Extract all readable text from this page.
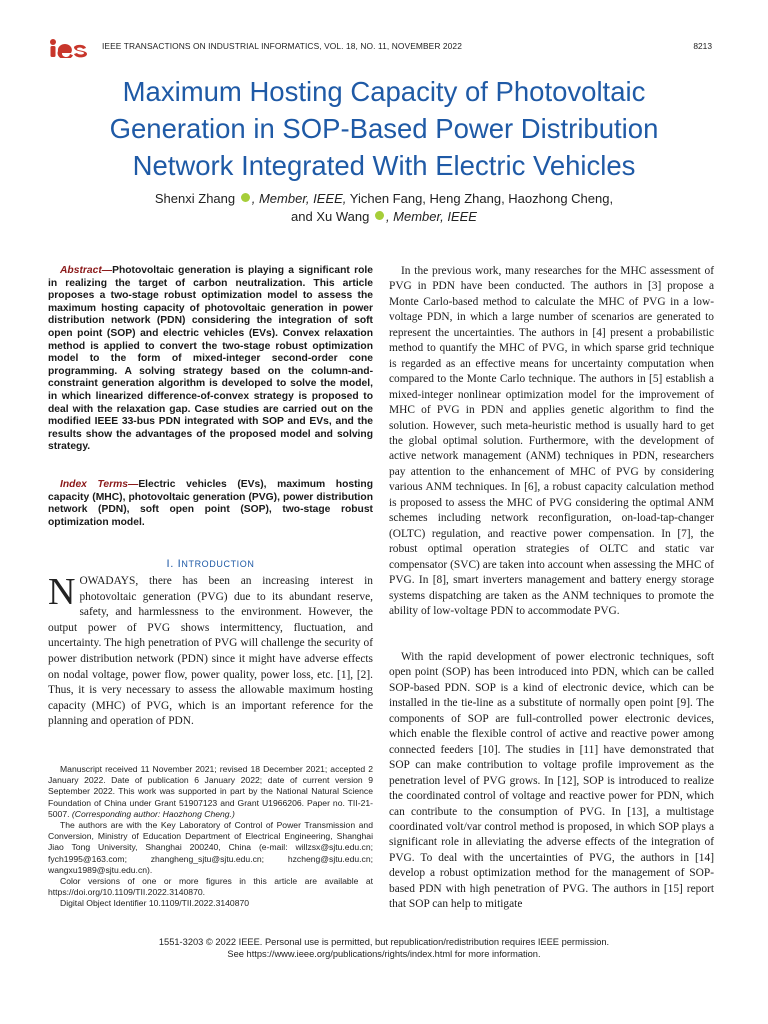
IEEE TRANSACTIONS ON INDUSTRIAL INFORMATICS, VOL. 18, NO. 11, NOVEMBER 2022	8213
Maximum Hosting Capacity of Photovoltaic
Generation in SOP-Based Power Distribution
Network Integrated With Electric Vehicles
Shenxi Zhang , Member, IEEE, Yichen Fang, Heng Zhang, Haozhong Cheng,
and Xu Wang , Member, IEEE
Abstract—Photovoltaic generation is playing a significant role in realizing the target of carbon neutralization. This article proposes a two-stage robust optimization model to assess the maximum hosting capacity of photovoltaic generation in power distribution network (PDN) considering the integration of soft open point (SOP) and electric vehicles (EVs). Convex relaxation method is applied to convert the two-stage robust optimization model to the form of mixed-integer second-order cone programming. A solving strategy based on the column-and-constraint generation algorithm is developed to solve the model, in which linearized difference-of-convex strategy is proposed to deal with the relaxation gap. Case studies are carried out on the modified IEEE 33-bus PDN integrated with SOP and EVs, and the results show the advantages of the proposed model and solving strategy.
Index Terms—Electric vehicles (EVs), maximum hosting capacity (MHC), photovoltaic generation (PVG), power distribution network (PDN), soft open point (SOP), two-stage robust optimization model.
I. INTRODUCTION
NOWADAYS, there has been an increasing interest in photovoltaic generation (PVG) due to its abundant reserve, safety, and harmlessness to the environment. However, the output power of PVG shows intermittency, fluctuation, and uncertainty. The high penetration of PVG will challenge the security of power distribution network (PDN) since it might have adverse effects on nodal voltage, power flow, power quality, power loss, etc. [1], [2]. Thus, it is very necessary to assess the allowable maximum hosting capacity (MHC) of PVG, which is an important reference for the planning and operation of PDN.

Manuscript received 11 November 2021; revised 18 December 2021; accepted 2 January 2022. Date of publication 6 January 2022; date of current version 9 September 2022. This work was supported in part by the National Natural Science Foundation of China under Grant 51907123 and Grant U1966206. Paper no. TII-21-5007. (Corresponding author: Haozhong Cheng.)

The authors are with the Key Laboratory of Control of Power Transmission and Conversion, Ministry of Education Department of Electrical Engineering, Shanghai Jiao Tong University, Shanghai 200240, China (e-mail: willzsx@sjtu.edu.cn; fych1995@163.com; zhangheng_sjtu@sjtu.edu.cn; hzcheng@sjtu.edu.cn; wangxu1989@sjtu.edu.cn).

Color versions of one or more figures in this article are available at https://doi.org/10.1109/TII.2022.3140870.

Digital Object Identifier 10.1109/TII.2022.3140870

In the previous work, many researches for the MHC assessment of PVG in PDN have been conducted. The authors in [3] propose a Monte Carlo-based method to calculate the MHC of PVG in a low-voltage PDN, in which a large number of scenarios are generated to represent the uncertainties. The authors in [4] present a probabilistic method to quantify the MHC of PVG, in which sparse grid technique is regarded as an effective means for uncertainty computation when compared to the Monte Carlo technique. The authors in [5] establish a mixed-integer nonlinear optimization model for the improvement of MHC of PVG in PDN and applies genetic algorithm to find the solution. However, such meta-heuristic method is usually hard to get the global optimal solution. Furthermore, with the development of active network management (ANM) techniques in PDN, researchers pay attention to the enhancement of MHC of PVG by considering various ANM techniques. In [6], a robust capacity calculation method is proposed to assess the MHC of PVG considering the optimal ANM schemes including network reconfiguration, on-load-tap-changer (OLTC) regulation, and reactive power compensation. In [7], the robust optimal operation strategies of OLTC and static var compensator (SVC) are taken into account when assessing the MHC of PVG. In [8], smart inverters management and battery energy storage systems dispatching are taken as the ANM techniques to promote the ability of low-voltage PDN to accommodate PVG.

With the rapid development of power electronic techniques, soft open point (SOP) has been introduced into PDN, which can be called SOP-based PDN. SOP is a kind of electronic device, which can be installed in the tie-line as a substitute of normally open point [9]. The components of SOP are full-controlled power electronic devices, which enable the flexible control of active and reactive power among connected feeders [10]. The studies in [11] have demonstrated that SOP can make contribution to voltage profile improvement as the penetration level of PVG grows. In [12], SOP is introduced to realize the coordinated control of voltage and reactive power for PDN, which can contribute to the consumption of PVG. In [13], a multistage coordinated volt/var control method is proposed, in which SOP plays a significant role in alleviating the adverse effects of the integration of PVG. To deal with the uncertainties of PVG, the authors in [14] develop a robust optimization method for the management of SOP-based PDN with high penetration of PVG. The authors in [15] report that SOP can help to mitigate

1551-3203 © 2022 IEEE. Personal use is permitted, but republication/redistribution requires IEEE permission.
See https://www.ieee.org/publications/rights/index.html for more information.
